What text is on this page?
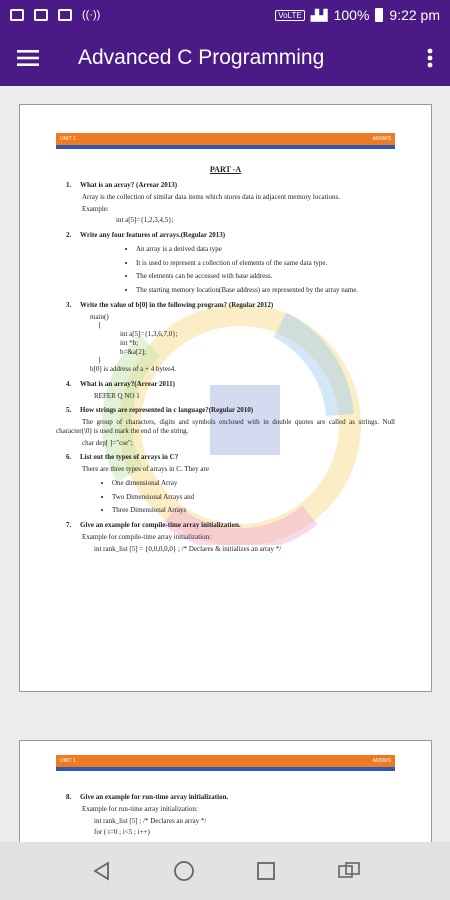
((·))	VoLTE ▟▟ 100% 9:22 pm
Advanced C Programming
UNIT 1	ANSWS
PART -A
1. What is an array? (Arrear 2013)
Array is the collection of similar data items which stores data in adjacent memory locations.
Example:
int a[5]={1,2,3,4,5};
2. Write any four features of arrays.(Regular 2013)
• An array is a derived data type
• It is used to represent a collection of elements of the same data type.
• The elements can be accessed with base address.
• The starting memory location(Base address) are represented by the array name.
3. Write the value of b[0] in the following program? (Regular 2012)
main()
{
int a[5]={1,3,6,7,0};
int *b;
b=&a[2];
}
b[0] is address of a + 4 bytes4.
4. What is an array?(Arrear 2011)
REFER Q NO 1
5. How strings are represented in c language?(Regular 2010)
The group of characters, digits and symbols enclosed with in double quotes are called as strings. Null character(\0) is used mark the end of the string.
char dep[ ]="cse";
6. List out the types of arrays in C?
There are three types of arrays in C. They are
• One dimensional Array
• Two Dimensional Arrays and
• Three Dimensional Arrays
7. Give an example for compile-time array initialization.
Example for compile-time array initialization:
int rank_list [5] = {0,0,0,0,0} ; /* Declares & initializes an array */
UNIT 1	ANSWS
8. Give an example for run-time array initialization.
Example for run-time array initialization:
int rank_list [5] ; /* Declares an array */
for ( i=0 ; i<5 ; i++)
